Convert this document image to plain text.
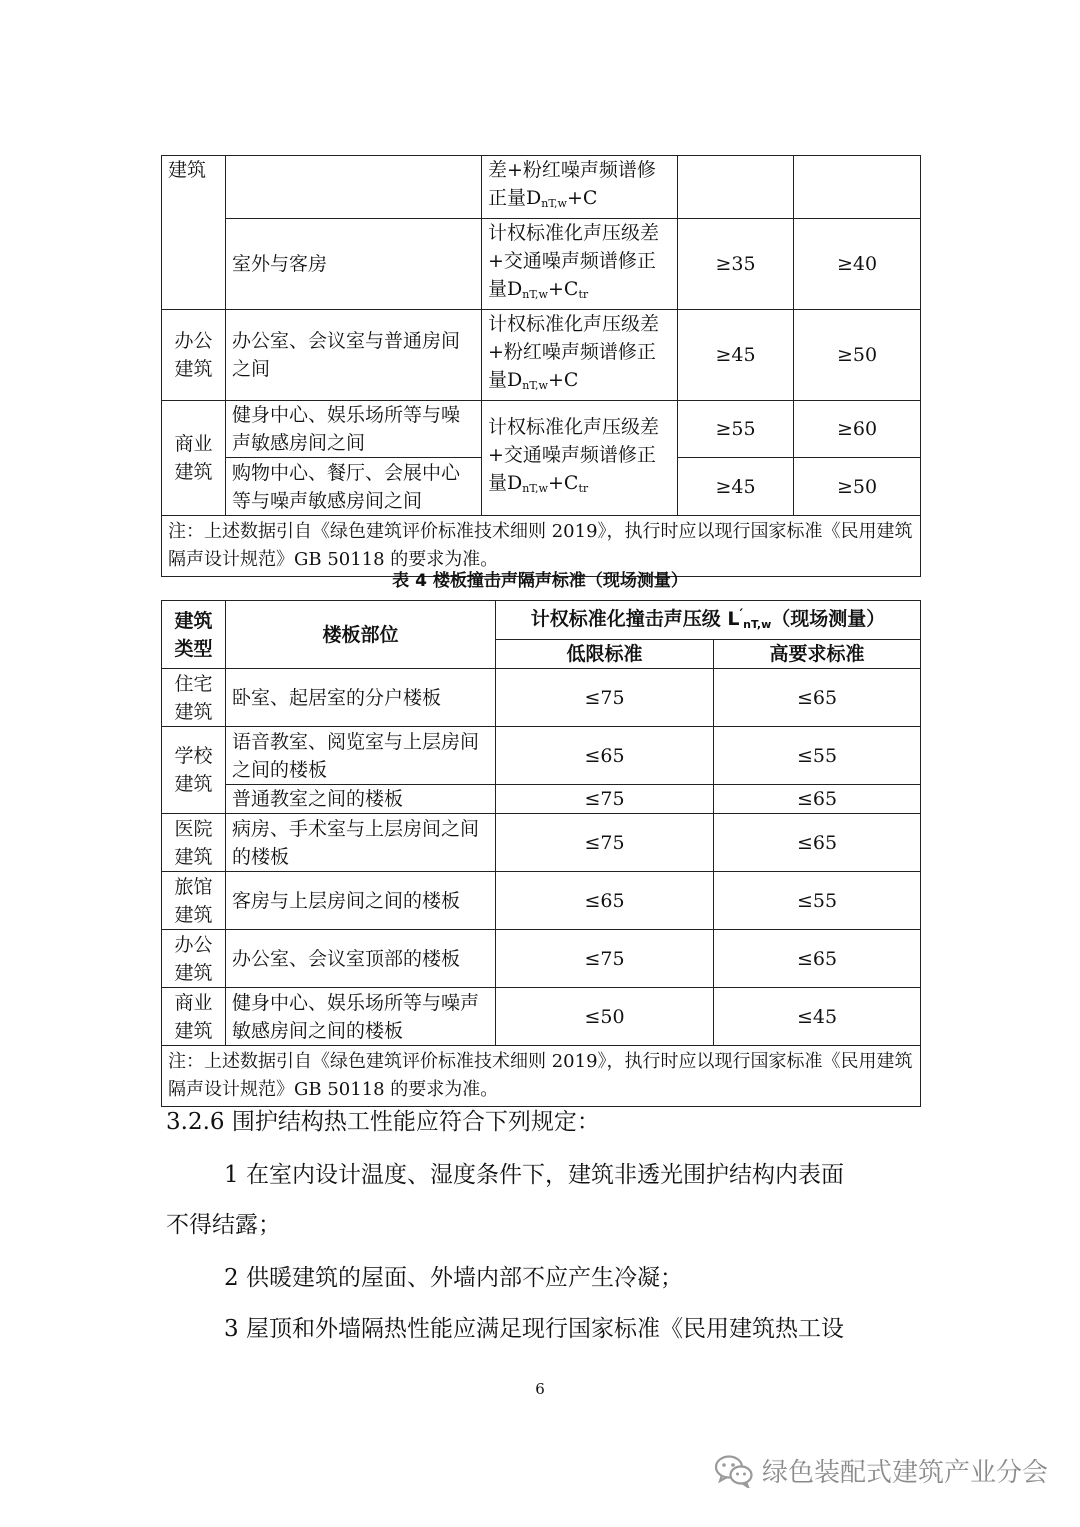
建筑		差+粉红噪声频谱修正量$D_{nT,w}+C$		
	室外与客房	计权标准化声压级差+交通噪声频谱修正量$D_{nT,w}+C_{tr}$	≥35	≥40
办公建筑	办公室、会议室与普通房间之间	计权标准化声压级差+粉红噪声频谱修正量$D_{nT,w}+C$	≥45	≥50
商业建筑	健身中心、娱乐场所等与噪声敏感房间之间	计权标准化声压级差+交通噪声频谱修正量$D_{nT,w}+C_{tr}$	≥55	≥60
	购物中心、餐厅、会展中心等与噪声敏感房间之间		≥45	≥50
注：上述数据引自《绿色建筑评价标准技术细则 2019》，执行时应以现行国家标准《民用建筑隔声设计规范》GB 50118 的要求为准。				
表 4 楼板撞击声隔声标准（现场测量）
建筑类型	楼板部位	计权标准化撞击声压级 $L'_{nT,w}$（现场测量）	
		低限标准	高要求标准
住宅建筑	卧室、起居室的分户楼板	≤75	≤65
学校建筑	语音教室、阅览室与上层房间之间的楼板	≤65	≤55
	普通教室之间的楼板	≤75	≤65
医院建筑	病房、手术室与上层房间之间的楼板	≤75	≤65
旅馆建筑	客房与上层房间之间的楼板	≤65	≤55
办公建筑	办公室、会议室顶部的楼板	≤75	≤65
商业建筑	健身中心、娱乐场所等与噪声敏感房间之间的楼板	≤50	≤45
注：上述数据引自《绿色建筑评价标准技术细则 2019》，执行时应以现行国家标准《民用建筑隔声设计规范》GB 50118 的要求为准。			
3.2.6 围护结构热工性能应符合下列规定：
1 在室内设计温度、湿度条件下，建筑非透光围护结构内表面
不得结露；
2 供暖建筑的屋面、外墙内部不应产生冷凝；
3 屋顶和外墙隔热性能应满足现行国家标准《民用建筑热工设
6
绿色装配式建筑产业分会
